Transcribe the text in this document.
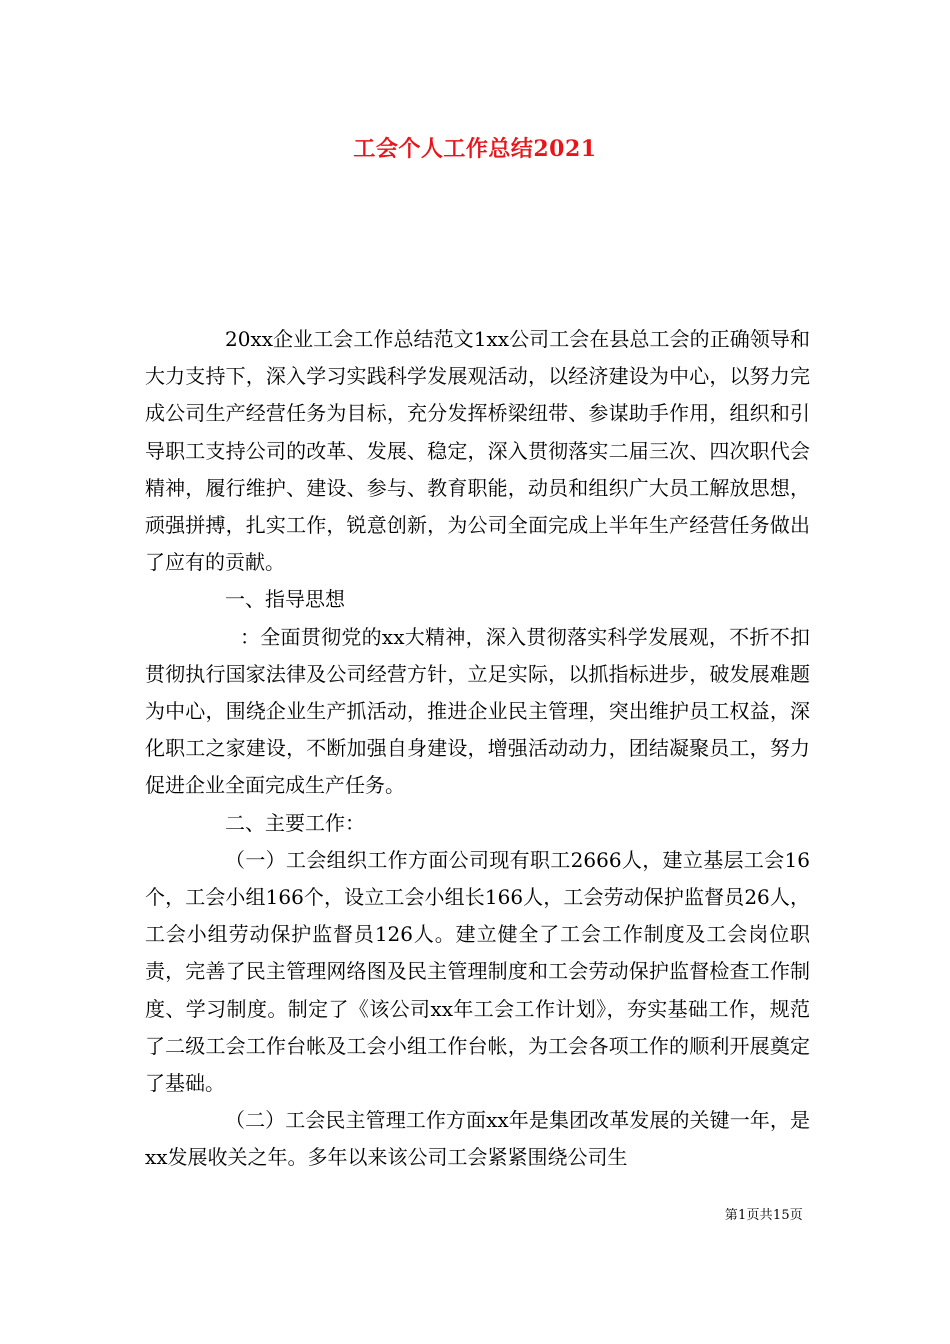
工会个人工作总结2021

20xx企业工会工作总结范文1xx公司工会在县总工会的正确领导和大力支持下，深入学习实践科学发展观活动，以经济建设为中心，以努力完成公司生产经营任务为目标，充分发挥桥梁纽带、参谋助手作用，组织和引导职工支持公司的改革、发展、稳定，深入贯彻落实二届三次、四次职代会精神，履行维护、建设、参与、教育职能，动员和组织广大员工解放思想，顽强拼搏，扎实工作，锐意创新，为公司全面完成上半年生产经营任务做出了应有的贡献。

一、指导思想

：全面贯彻党的xx大精神，深入贯彻落实科学发展观，不折不扣贯彻执行国家法律及公司经营方针，立足实际，以抓指标进步，破发展难题为中心，围绕企业生产抓活动，推进企业民主管理，突出维护员工权益，深化职工之家建设，不断加强自身建设，增强活动动力，团结凝聚员工，努力促进企业全面完成生产任务。

二、主要工作：

（一）工会组织工作方面公司现有职工2666人，建立基层工会16个，工会小组166个，设立工会小组长166人，工会劳动保护监督员26人，工会小组劳动保护监督员126人。建立健全了工会工作制度及工会岗位职责，完善了民主管理网络图及民主管理制度和工会劳动保护监督检查工作制度、学习制度。制定了《该公司xx年工会工作计划》，夯实基础工作，规范了二级工会工作台帐及工会小组工作台帐，为工会各项工作的顺利开展奠定了基础。

（二）工会民主管理工作方面xx年是集团改革发展的关键一年，是xx发展收关之年。多年以来该公司工会紧紧围绕公司生

第1页共15页
